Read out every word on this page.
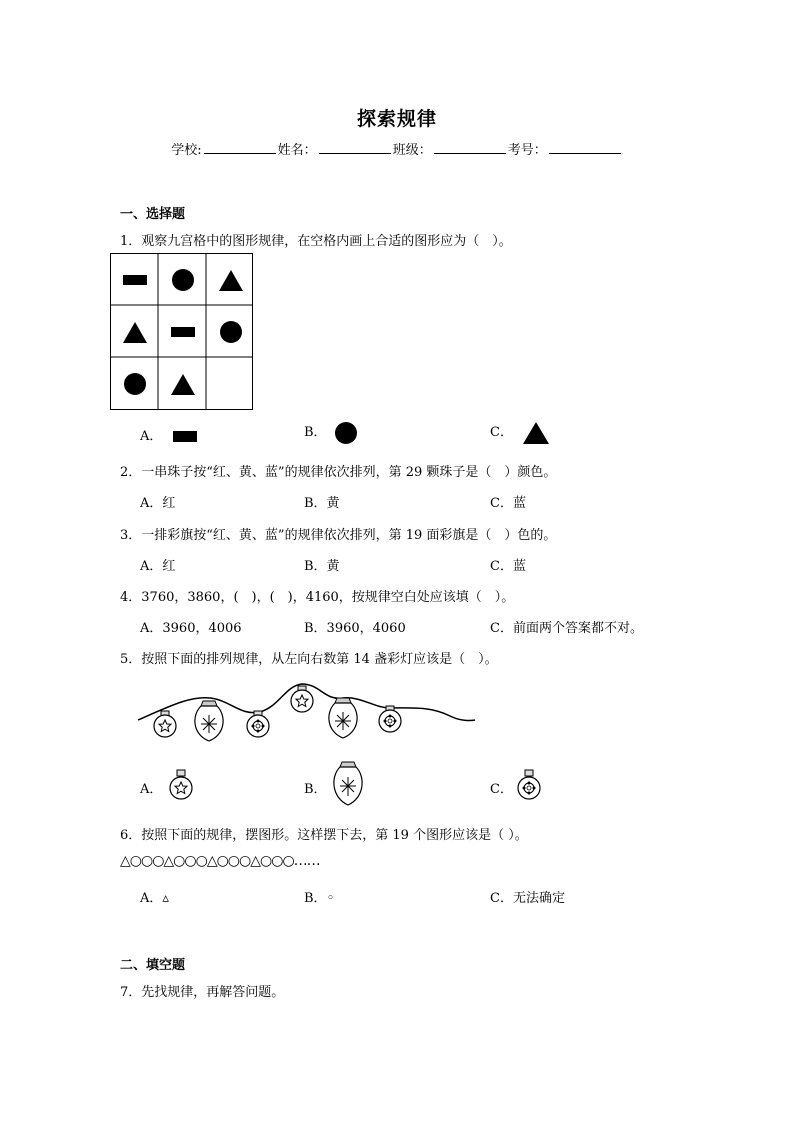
探索规律
学校:	姓名：	班级：	考号：
一、选择题
1．观察九宫格中的图形规律，在空格内画上合适的图形应为（　）。
A．	B．	C．
2．一串珠子按“红、黄、蓝”的规律依次排列，第 29 颗珠子是（　）颜色。
A．红	B．黄	C．蓝
3．一排彩旗按“红、黄、蓝”的规律依次排列，第 19 面彩旗是（　）色的。
A．红	B．黄	C．蓝
4．3760，3860，(　)，(　)，4160，按规律空白处应该填（　）。
A．3960，4006	B．3960，4060	C．前面两个答案都不对。
5．按照下面的排列规律，从左向右数第 14 盏彩灯应该是（　）。
A．	B．	C．
6．按照下面的规律，摆图形。这样摆下去，第 19 个图形应该是（ ）。
△○○○△○○○△○○○△○○○……
A．▵	B．◦	C．无法确定
二、填空题
7．先找规律，再解答问题。
